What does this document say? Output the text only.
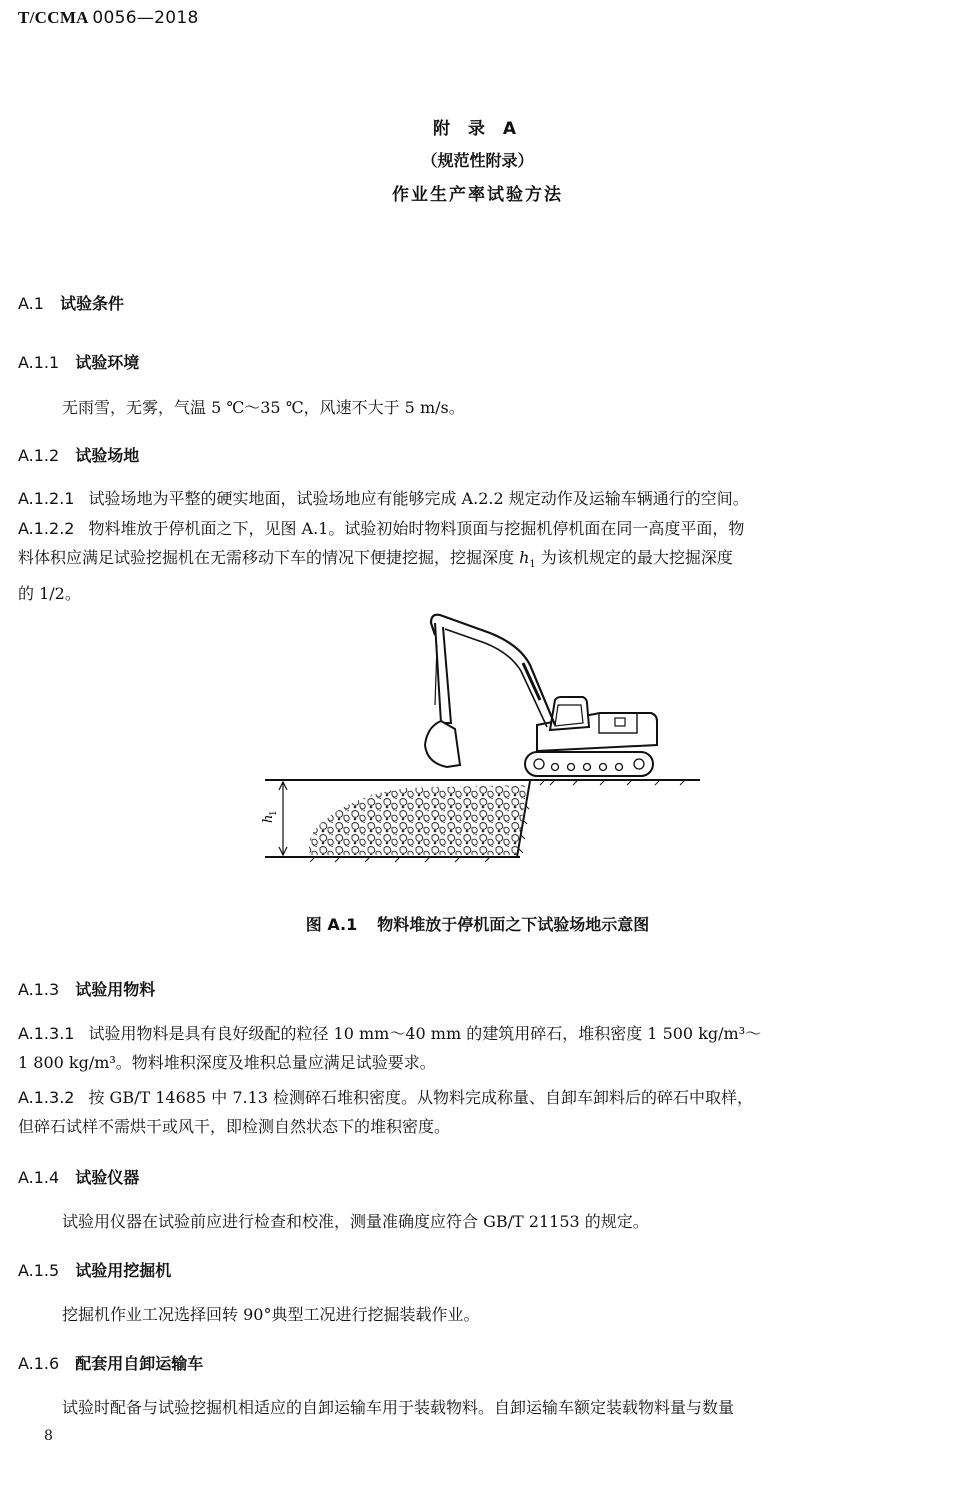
T/CCMA 0056—2018
附 录 A
（规范性附录）
作业生产率试验方法
A.1 试验条件
A.1.1 试验环境
无雨雪，无雾，气温 5 ℃～35 ℃，风速不大于 5 m/s。
A.1.2 试验场地
A.1.2.1 试验场地为平整的硬实地面，试验场地应有能够完成 A.2.2 规定动作及运输车辆通行的空间。
A.1.2.2 物料堆放于停机面之下，见图 A.1。试验初始时物料顶面与挖掘机停机面在同一高度平面，物
料体积应满足试验挖掘机在无需移动下车的情况下便捷挖掘，挖掘深度 $h_1$ 为该机规定的最大挖掘深度
的 1/2。
h
1
图 A.1 物料堆放于停机面之下试验场地示意图
A.1.3 试验用物料
A.1.3.1 试验用物料是具有良好级配的粒径 10 mm～40 mm 的建筑用碎石，堆积密度 1 500 kg/m³～
1 800 kg/m³。物料堆积深度及堆积总量应满足试验要求。
A.1.3.2 按 GB/T 14685 中 7.13 检测碎石堆积密度。从物料完成称量、自卸车卸料后的碎石中取样，
但碎石试样不需烘干或风干，即检测自然状态下的堆积密度。
A.1.4 试验仪器
试验用仪器在试验前应进行检查和校准，测量准确度应符合 GB/T 21153 的规定。
A.1.5 试验用挖掘机
挖掘机作业工况选择回转 90°典型工况进行挖掘装载作业。
A.1.6 配套用自卸运输车
试验时配备与试验挖掘机相适应的自卸运输车用于装载物料。自卸运输车额定装载物料量与数量
8
